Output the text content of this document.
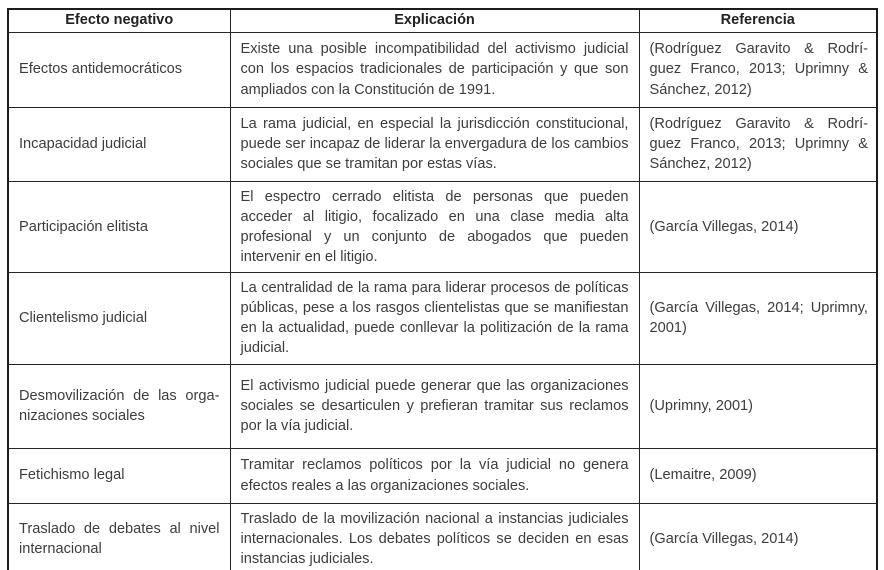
Efecto negativo	Explicación	Referencia
Efectos antidemocráticos	Existe una posible incompatibilidad del activismo judicial con los espacios tradicionales de participación y que son ampliados con la Constitución de 1991.	(Rodríguez Garavito & Rodrí-guez Franco, 2013; Uprimny & Sánchez, 2012)
Incapacidad judicial	La rama judicial, en especial la jurisdicción constitucional, puede ser incapaz de liderar la envergadura de los cambios sociales que se tramitan por estas vías.	(Rodríguez Garavito & Rodrí-guez Franco, 2013; Uprimny & Sánchez, 2012)
Participación elitista	El espectro cerrado elitista de personas que pueden acceder al litigio, focalizado en una clase media alta profesional y un conjunto de abogados que pueden intervenir en el litigio.	(García Villegas, 2014)
Clientelismo judicial	La centralidad de la rama para liderar procesos de políticas públicas, pese a los rasgos clientelistas que se manifiestan en la actualidad, puede conllevar la politización de la rama judicial.	(García Villegas, 2014; Uprimny, 2001)
Desmovilización de las orga-nizaciones sociales	El activismo judicial puede generar que las organizaciones sociales se desarticulen y prefieran tramitar sus reclamos por la vía judicial.	(Uprimny, 2001)
Fetichismo legal	Tramitar reclamos políticos por la vía judicial no genera efectos reales a las organizaciones sociales.	(Lemaitre, 2009)
Traslado de debates al nivel internacional	Traslado de la movilización nacional a instancias judiciales internacionales. Los debates políticos se deciden en esas instancias judiciales.	(García Villegas, 2014)
